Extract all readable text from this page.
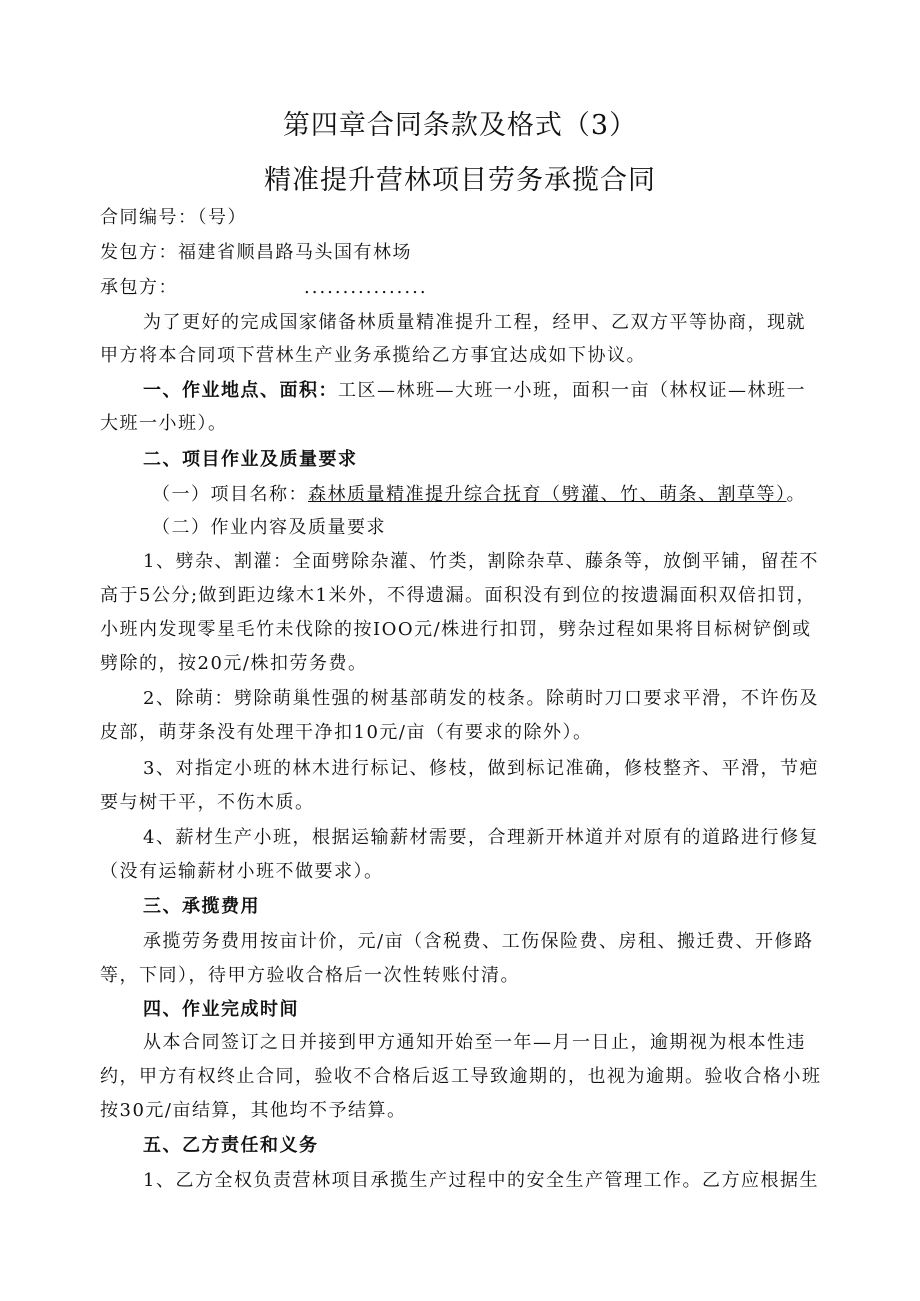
第四章合同条款及格式（3）
精准提升营林项目劳务承揽合同
合同编号：（号）
发包方：福建省顺昌路马头国有林场
承包方：	................
为了更好的完成国家储备林质量精准提升工程，经甲、乙双方平等协商，现就
甲方将本合同项下营林生产业务承揽给乙方事宜达成如下协议。
一、作业地点、面积：工区—林班—大班一小班，面积一亩（林权证—林班一
大班一小班）。
二、项目作业及质量要求
（一）项目名称：森林质量精准提升综合抚育（劈灌、竹、萌条、割草等）。
（二）作业内容及质量要求
1、劈杂、割灌：全面劈除杂灌、竹类，割除杂草、藤条等，放倒平铺，留茬不
高于5公分;做到距边缘木1米外，不得遗漏。面积没有到位的按遗漏面积双倍扣罚，
小班内发现零星毛竹未伐除的按IOO元/株进行扣罚，劈杂过程如果将目标树铲倒或
劈除的，按20元/株扣劳务费。
2、除萌：劈除萌巢性强的树基部萌发的枝条。除萌时刀口要求平滑，不许伤及
皮部，萌芽条没有处理干净扣10元/亩（有要求的除外）。
3、对指定小班的林木进行标记、修枝，做到标记准确，修枝整齐、平滑，节疤
要与树干平，不伤木质。
4、薪材生产小班，根据运输薪材需要，合理新开林道并对原有的道路进行修复
（没有运输薪材小班不做要求）。
三、承揽费用
承揽劳务费用按亩计价，元/亩（含税费、工伤保险费、房租、搬迁费、开修路
等，下同），待甲方验收合格后一次性转账付清。
四、作业完成时间
从本合同签订之日并接到甲方通知开始至一年—月一日止，逾期视为根本性违
约，甲方有权终止合同，验收不合格后返工导致逾期的，也视为逾期。验收合格小班
按30元/亩结算，其他均不予结算。
五、乙方责任和义务
1、乙方全权负责营林项目承揽生产过程中的安全生产管理工作。乙方应根据生
